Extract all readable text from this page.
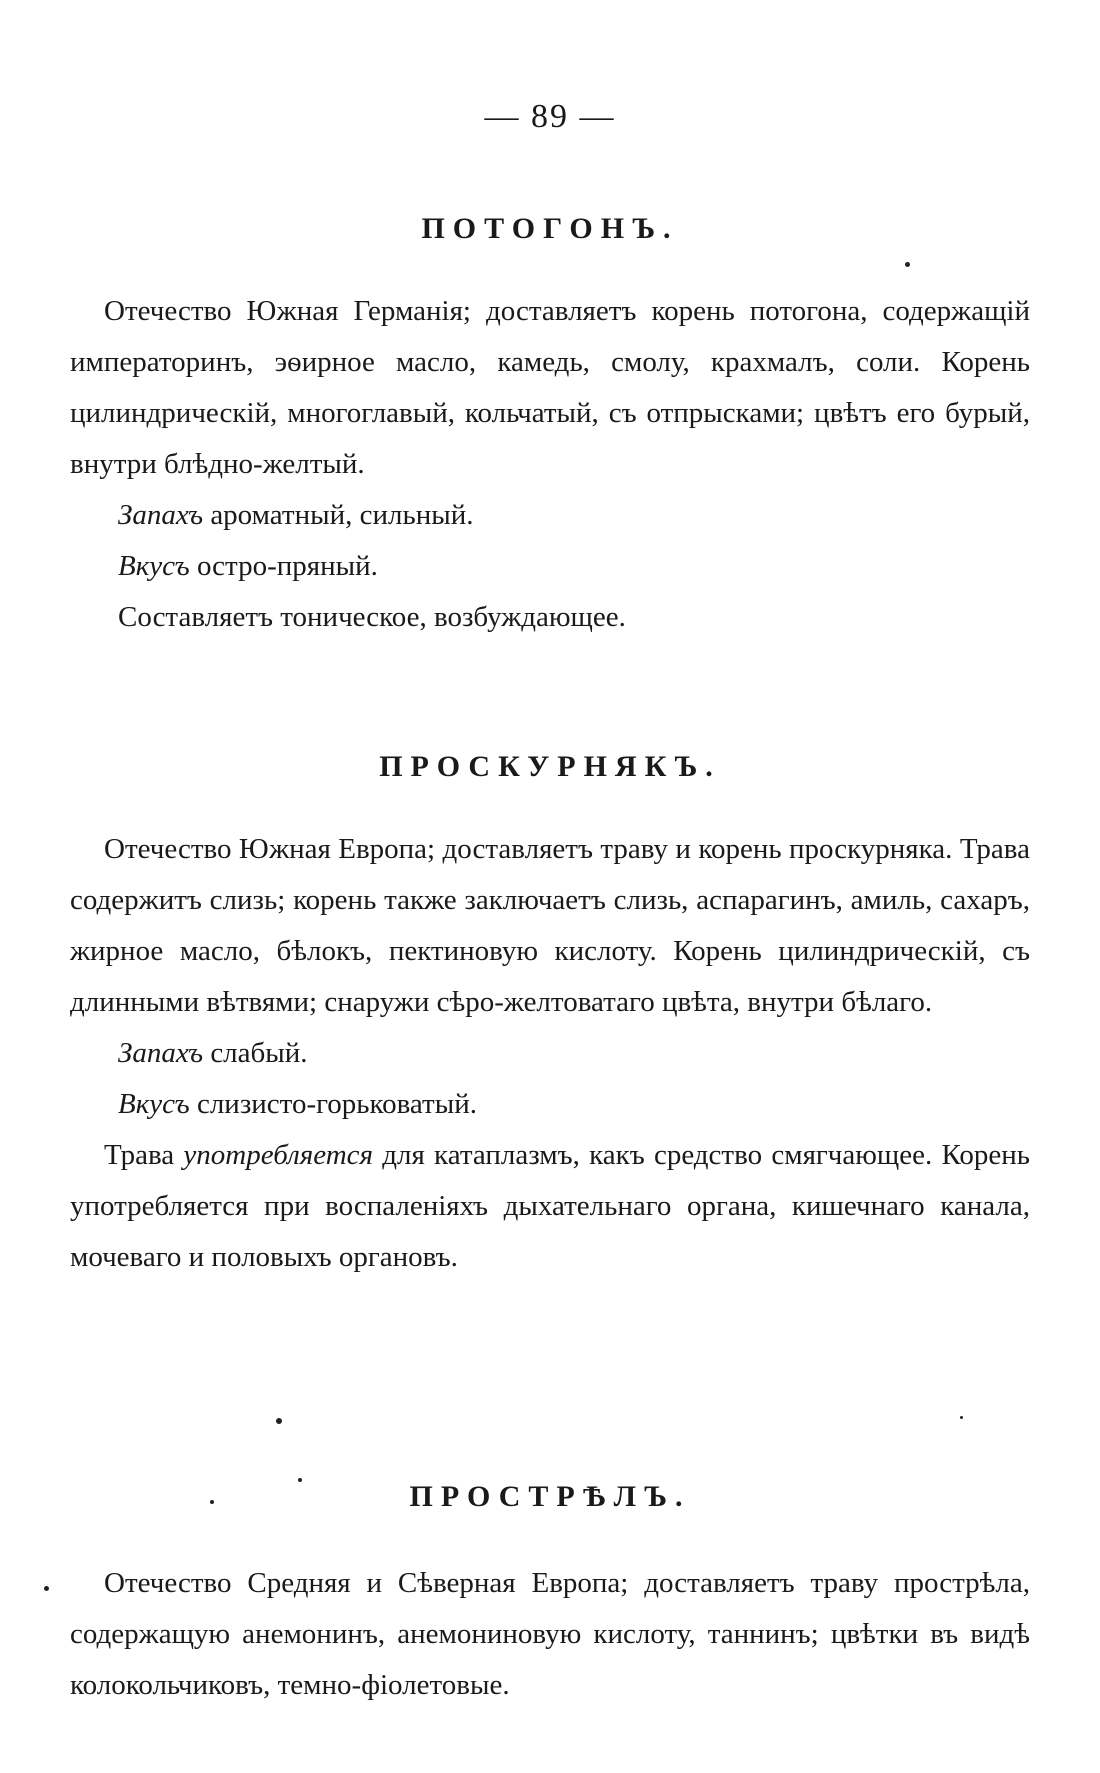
— 89 —
ПОТОГОНЪ.

Отечество Южная Германія; доставляетъ корень потогона, содержащій императоринъ, эѳирное масло, камедь, смолу, крахмалъ, соли. Корень цилиндрическій, многоглавый, кольчатый, съ отпрысками; цвѣтъ его бурый, внутри блѣдно-желтый.

Запахъ ароматный, сильный.

Вкусъ остро-пряный.

Составляетъ тоническое, возбуждающее.

ПРОСКУРНЯКЪ.

Отечество Южная Европа; доставляетъ траву и корень проскурняка. Трава содержитъ слизь; корень также заключаетъ слизь, аспарагинъ, амиль, сахаръ, жирное масло, бѣлокъ, пектиновую кислоту. Корень цилиндрическій, съ длинными вѣтвями; снаружи сѣро-желтоватаго цвѣта, внутри бѣлаго.

Запахъ слабый.

Вкусъ слизисто-горьковатый.

Трава употребляется для катаплазмъ, какъ средство смягчающее. Корень употребляется при воспаленіяхъ дыхательнаго органа, кишечнаго канала, мочеваго и половыхъ органовъ.

ПРОСТРѢЛЪ.

Отечество Средняя и Сѣверная Европа; доставляетъ траву прострѣла, содержащую анемонинъ, анемониновую кислоту, таннинъ; цвѣтки въ видѣ колокольчиковъ, темно-фіолетовые.
